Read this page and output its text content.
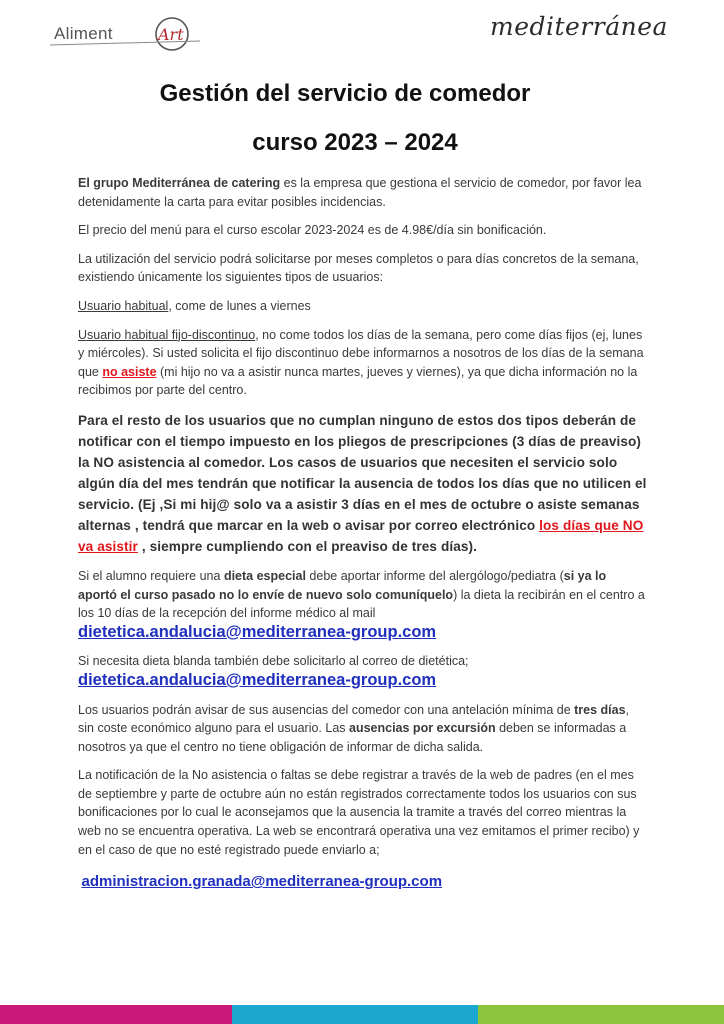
Aliment	Art	mediterránea
Gestión del servicio de comedor
curso 2023 – 2024

El grupo Mediterránea de catering es la empresa que gestiona el servicio de comedor, por favor lea detenidamente la carta para evitar posibles incidencias.

El precio del menú para el curso escolar 2023-2024 es de 4.98€/día sin bonificación.

La utilización del servicio podrá solicitarse por meses completos o para días concretos de la semana, existiendo únicamente los siguientes tipos de usuarios:

Usuario habitual, come de lunes a viernes

Usuario habitual fijo-discontinuo, no come todos los días de la semana, pero come días fijos (ej, lunes y miércoles). Si usted solicita el fijo discontinuo debe informarnos a nosotros de los días de la semana que no asiste (mi hijo no va a asistir nunca martes, jueves y viernes), ya que dicha información no la recibimos por parte del centro.

Para el resto de los usuarios que no cumplan ninguno de estos dos tipos deberán de notificar con el tiempo impuesto en los pliegos de prescripciones (3 días de preaviso) la NO asistencia al comedor. Los casos de usuarios que necesiten el servicio solo algún día del mes tendrán que notificar la ausencia de todos los días que no utilicen el servicio. (Ej ,Si mi hij@ solo va a asistir 3 días en el mes de octubre o asiste semanas alternas , tendrá que marcar en la web o avisar por correo electrónico los días que NO va asistir , siempre cumpliendo con el preaviso de tres días).

Si el alumno requiere una dieta especial debe aportar informe del alergólogo/pediatra (si ya lo aportó el curso pasado no lo envíe de nuevo solo comuníquelo) la dieta la recibirán en el centro a los 10 días de la recepción del informe médico al mail dietetica.andalucia@mediterranea-group.com

Si necesita dieta blanda también debe solicitarlo al correo de dietética;
dietetica.andalucia@mediterranea-group.com

Los usuarios podrán avisar de sus ausencias del comedor con una antelación mínima de tres días, sin coste económico alguno para el usuario. Las ausencias por excursión deben se informadas a nosotros ya que el centro no tiene obligación de informar de dicha salida.

La notificación de la No asistencia o faltas se debe registrar a través de la web de padres (en el mes de septiembre y parte de octubre aún no están registrados correctamente todos los usuarios con sus bonificaciones por lo cual le aconsejamos que la ausencia la tramite a través del correo mientras la web no se encuentra operativa. La web se encontrará operativa una vez emitamos el primer recibo) y en el caso de que no esté registrado puede enviarlo a;

administracion.granada@mediterranea-group.com
